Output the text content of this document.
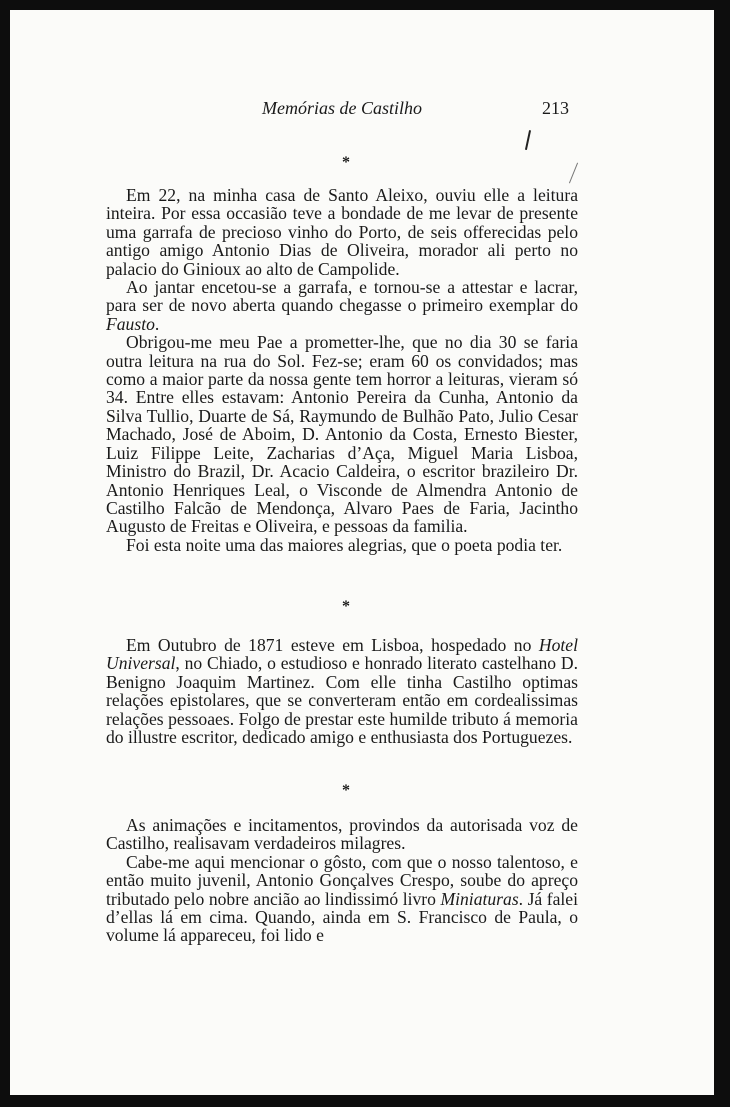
Memórias de Castilho	213
*

Em 22, na minha casa de Santo Aleixo, ouviu elle a leitura inteira. Por essa occasião teve a bondade de me levar de presente uma garrafa de precioso vinho do Porto, de seis offerecidas pelo antigo amigo Antonio Dias de Oliveira, morador ali perto no palacio do Ginioux ao alto de Campolide.

Ao jantar encetou-se a garrafa, e tornou-se a attestar e lacrar, para ser de novo aberta quando chegasse o primeiro exemplar do Fausto.

Obrigou-me meu Pae a prometter-lhe, que no dia 30 se faria outra leitura na rua do Sol. Fez-se; eram 60 os convidados; mas como a maior parte da nossa gente tem horror a leituras, vieram só 34. Entre elles estavam: Antonio Pereira da Cunha, Antonio da Silva Tullio, Duarte de Sá, Raymundo de Bulhão Pato, Julio Cesar Machado, José de Aboim, D. Antonio da Costa, Ernesto Biester, Luiz Filippe Leite, Zacharias d’Aça, Miguel Maria Lisboa, Ministro do Brazil, Dr. Acacio Caldeira, o escritor brazileiro Dr. Antonio Henriques Leal, o Visconde de Almendra Antonio de Castilho Falcão de Mendonça, Alvaro Paes de Faria, Jacintho Augusto de Freitas e Oliveira, e pessoas da familia.

Foi esta noite uma das maiores alegrias, que o poeta podia ter.

*

Em Outubro de 1871 esteve em Lisboa, hospedado no Hotel Universal, no Chiado, o estudioso e honrado literato castelhano D. Benigno Joaquim Martinez. Com elle tinha Castilho optimas relações epistolares, que se converteram então em cordealissimas relações pessoaes. Folgo de prestar este humilde tributo á memoria do illustre escritor, dedicado amigo e enthusiasta dos Portuguezes.

*

As animações e incitamentos, provindos da autorisada voz de Castilho, realisavam verdadeiros milagres.

Cabe-me aqui mencionar o gôsto, com que o nosso talentoso, e então muito juvenil, Antonio Gonçalves Crespo, soube do apreço tributado pelo nobre ancião ao lindissimó livro Miniaturas. Já falei d’ellas lá em cima. Quando, ainda em S. Francisco de Paula, o volume lá appareceu, foi lido e
